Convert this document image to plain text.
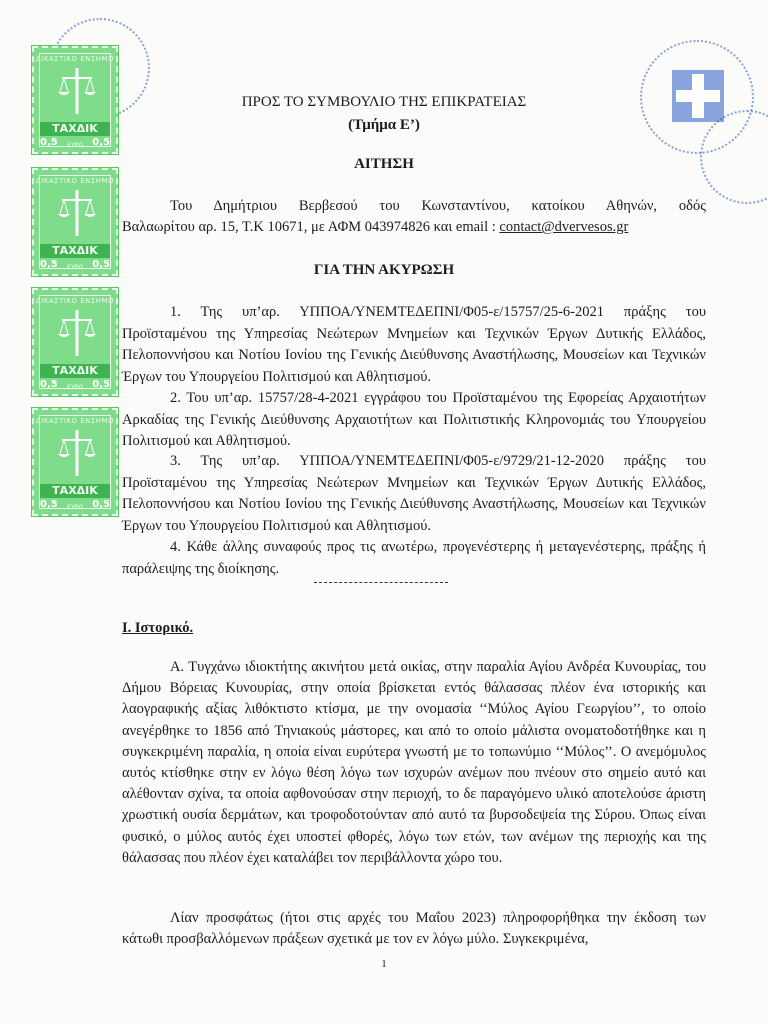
ΔΙΚΑΣΤΙΚΟ ΕΝΣΗΜΟ
ΤΑΧΔΙΚ
0,5	ΕΥΡΩ 0,5
ΔΙΚΑΣΤΙΚΟ ΕΝΣΗΜΟ
ΤΑΧΔΙΚ
0,5	ΕΥΡΩ 0,5
ΔΙΚΑΣΤΙΚΟ ΕΝΣΗΜΟ
ΤΑΧΔΙΚ
0,5	ΕΥΡΩ 0,5
ΔΙΚΑΣΤΙΚΟ ΕΝΣΗΜΟ
ΤΑΧΔΙΚ
0,5	ΕΥΡΩ 0,5
ΠΡΟΣ ΤΟ ΣΥΜΒΟΥΛΙΟ ΤΗΣ ΕΠΙΚΡΑΤΕΙΑΣ
(Τμήμα Ε’)
ΑΙΤΗΣΗ
Του Δημήτριου Βερβεσού του Κωνσταντίνου, κατοίκου Αθηνών, οδός
Βαλαωρίτου αρ. 15, Τ.Κ 10671, με ΑΦΜ 043974826 και email : contact@dvervesos.gr
ΓΙΑ ΤΗΝ ΑΚΥΡΩΣΗ
1. Της υπ’αρ. ΥΠΠΟΑ/ΥΝΕΜΤΕΔΕΠΝΙ/Φ05-ε/15757/25-6-2021 πράξης του Προϊσταμένου της Υπηρεσίας Νεώτερων Μνημείων και Τεχνικών Έργων Δυτικής Ελλάδος, Πελοποννήσου και Νοτίου Ιονίου της Γενικής Διεύθυνσης Αναστήλωσης, Μουσείων και Τεχνικών Έργων του Υπουργείου Πολιτισμού και Αθλητισμού.
2. Του υπ’αρ. 15757/28-4-2021 εγγράφου του Προϊσταμένου της Εφορείας Αρχαιοτήτων Αρκαδίας της Γενικής Διεύθυνσης Αρχαιοτήτων και Πολιτιστικής Κληρονομιάς του Υπουργείου Πολιτισμού και Αθλητισμού.
3. Της υπ’αρ. ΥΠΠΟΑ/ΥΝΕΜΤΕΔΕΠΝΙ/Φ05-ε/9729/21-12-2020 πράξης του Προϊσταμένου της Υπηρεσίας Νεώτερων Μνημείων και Τεχνικών Έργων Δυτικής Ελλάδος, Πελοποννήσου και Νοτίου Ιονίου της Γενικής Διεύθυνσης Αναστήλωσης, Μουσείων και Τεχνικών Έργων του Υπουργείου Πολιτισμού και Αθλητισμού.
4. Κάθε άλλης συναφούς προς τις ανωτέρω, προγενέστερης ή μεταγενέστερης, πράξης ή παράλειψης της διοίκησης.
Ι. Ιστορικό.
Α. Τυγχάνω ιδιοκτήτης ακινήτου μετά οικίας, στην παραλία Αγίου Ανδρέα Κυνουρίας, του Δήμου Βόρειας Κυνουρίας, στην οποία βρίσκεται εντός θάλασσας πλέον ένα ιστορικής και λαογραφικής αξίας λιθόκτιστο κτίσμα, με την ονομασία ‘‘Μύλος Αγίου Γεωργίου’’, το οποίο ανεγέρθηκε το 1856 από Τηνιακούς μάστορες, και από το οποίο μάλιστα ονοματοδοτήθηκε και η συγκεκριμένη παραλία, η οποία είναι ευρύτερα γνωστή με το τοπωνύμιο ‘‘Μύλος’’. Ο ανεμόμυλος αυτός κτίσθηκε στην εν λόγω θέση λόγω των ισχυρών ανέμων που πνέουν στο σημείο αυτό και αλέθονταν σχίνα, τα οποία αφθονούσαν στην περιοχή, το δε παραγόμενο υλικό αποτελούσε άριστη χρωστική ουσία δερμάτων, και τροφοδοτούνταν από αυτό τα βυρσοδεψεία της Σύρου. Όπως είναι φυσικό, ο μύλος αυτός έχει υποστεί φθορές, λόγω των ετών, των ανέμων της περιοχής και της θάλασσας που πλέον έχει καταλάβει τον περιβάλλοντα χώρο του.
Λίαν προσφάτως (ήτοι στις αρχές του Μαΐου 2023) πληροφορήθηκα την έκδοση των κάτωθι προσβαλλόμενων πράξεων σχετικά με τον εν λόγω μύλο. Συγκεκριμένα,
1
